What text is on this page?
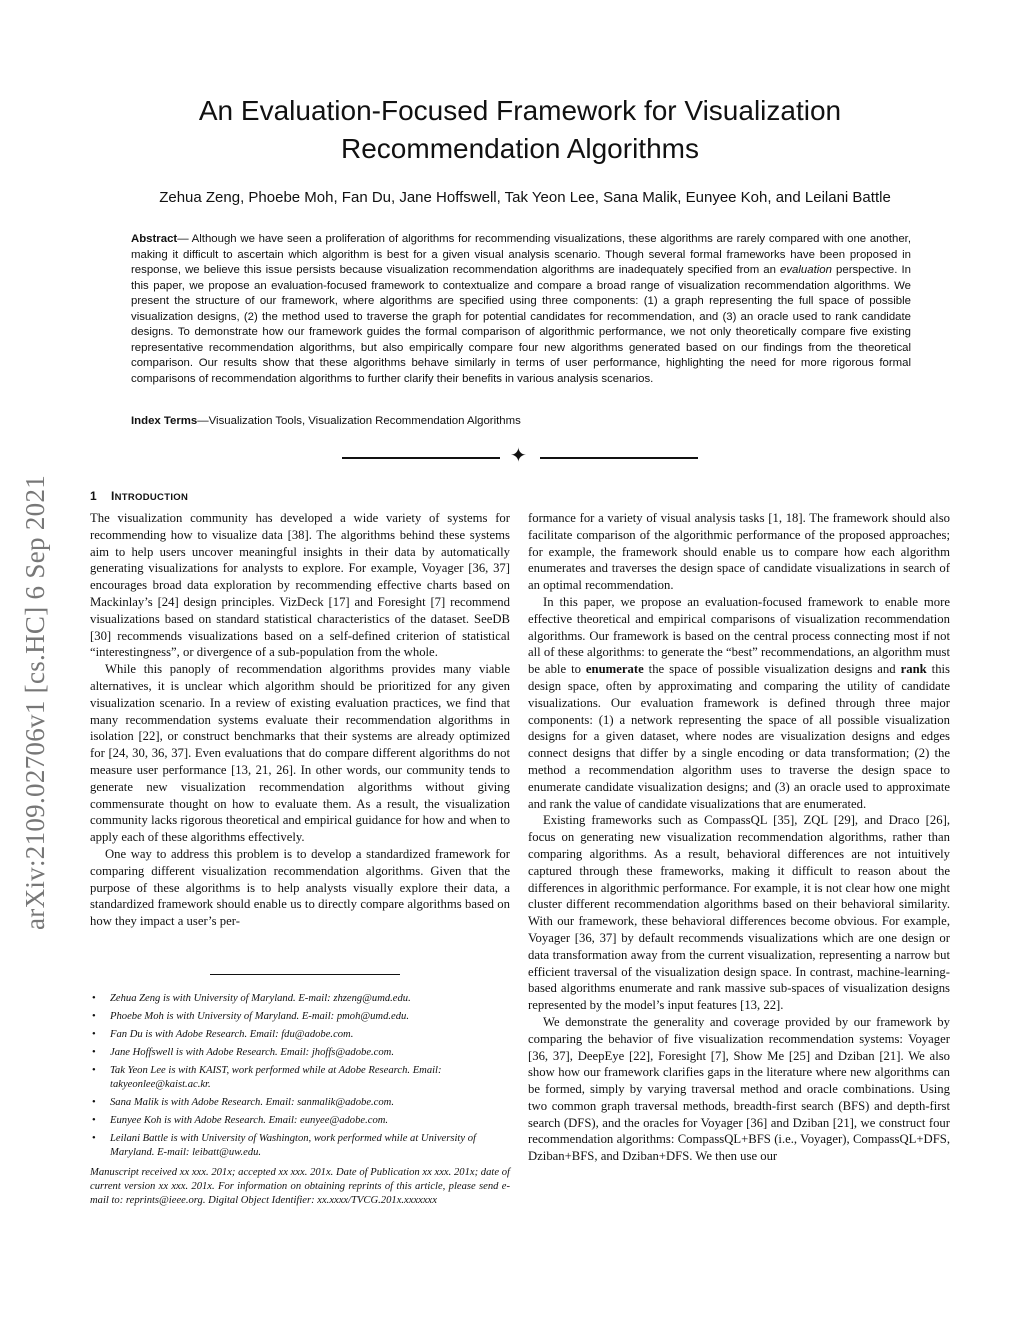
arXiv:2109.02706v1 [cs.HC] 6 Sep 2021
An Evaluation-Focused Framework for Visualization
Recommendation Algorithms
Zehua Zeng, Phoebe Moh, Fan Du, Jane Hoffswell, Tak Yeon Lee, Sana Malik, Eunyee Koh, and Leilani Battle
Abstract— Although we have seen a proliferation of algorithms for recommending visualizations, these algorithms are rarely compared with one another, making it difficult to ascertain which algorithm is best for a given visual analysis scenario. Though several formal frameworks have been proposed in response, we believe this issue persists because visualization recommendation algorithms are inadequately specified from an evaluation perspective. In this paper, we propose an evaluation-focused framework to contextualize and compare a broad range of visualization recommendation algorithms. We present the structure of our framework, where algorithms are specified using three components: (1) a graph representing the full space of possible visualization designs, (2) the method used to traverse the graph for potential candidates for recommendation, and (3) an oracle used to rank candidate designs. To demonstrate how our framework guides the formal comparison of algorithmic performance, we not only theoretically compare five existing representative recommendation algorithms, but also empirically compare four new algorithms generated based on our findings from the theoretical comparison. Our results show that these algorithms behave similarly in terms of user performance, highlighting the need for more rigorous formal comparisons of recommendation algorithms to further clarify their benefits in various analysis scenarios.
Index Terms—Visualization Tools, Visualization Recommendation Algorithms
✦
1 INTRODUCTION

The visualization community has developed a wide variety of systems for recommending how to visualize data [38]. The algorithms behind these systems aim to help users uncover meaningful insights in their data by automatically generating visualizations for analysts to explore. For example, Voyager [36, 37] encourages broad data exploration by recommending effective charts based on Mackinlay’s [24] design principles. VizDeck [17] and Foresight [7] recommend visualizations based on standard statistical characteristics of the dataset. SeeDB [30] recommends visualizations based on a self-defined criterion of statistical “interestingness”, or divergence of a sub-population from the whole.

While this panoply of recommendation algorithms provides many viable alternatives, it is unclear which algorithm should be prioritized for any given visualization scenario. In a review of existing evaluation practices, we find that many recommendation systems evaluate their recommendation algorithms in isolation [22], or construct benchmarks that their systems are already optimized for [24, 30, 36, 37]. Even evaluations that do compare different algorithms do not measure user performance [13, 21, 26]. In other words, our community tends to generate new visualization recommendation algorithms without giving commensurate thought on how to evaluate them. As a result, the visualization community lacks rigorous theoretical and empirical guidance for how and when to apply each of these algorithms effectively.

One way to address this problem is to develop a standardized framework for comparing different visualization recommendation algorithms. Given that the purpose of these algorithms is to help analysts visually explore their data, a standardized framework should enable us to directly compare algorithms based on how they impact a user’s per-

• Zehua Zeng is with University of Maryland. E-mail: zhzeng@umd.edu.
• Phoebe Moh is with University of Maryland. E-mail: pmoh@umd.edu.
• Fan Du is with Adobe Research. Email: fdu@adobe.com.
• Jane Hoffswell is with Adobe Research. Email: jhoffs@adobe.com.
• Tak Yeon Lee is with KAIST, work performed while at Adobe Research. Email: takyeonlee@kaist.ac.kr.
• Sana Malik is with Adobe Research. Email: sanmalik@adobe.com.
• Eunyee Koh is with Adobe Research. Email: eunyee@adobe.com.
• Leilani Battle is with University of Washington, work performed while at University of Maryland. E-mail: leibatt@uw.edu.
Manuscript received xx xxx. 201x; accepted xx xxx. 201x. Date of Publication xx xxx. 201x; date of current version xx xxx. 201x. For information on obtaining reprints of this article, please send e-mail to: reprints@ieee.org. Digital Object Identifier: xx.xxxx/TVCG.201x.xxxxxxx

formance for a variety of visual analysis tasks [1, 18]. The framework should also facilitate comparison of the algorithmic performance of the proposed approaches; for example, the framework should enable us to compare how each algorithm enumerates and traverses the design space of candidate visualizations in search of an optimal recommendation.

In this paper, we propose an evaluation-focused framework to enable more effective theoretical and empirical comparisons of visualization recommendation algorithms. Our framework is based on the central process connecting most if not all of these algorithms: to generate the “best” recommendations, an algorithm must be able to enumerate the space of possible visualization designs and rank this design space, often by approximating and comparing the utility of candidate visualizations. Our evaluation framework is defined through three major components: (1) a network representing the space of all possible visualization designs for a given dataset, where nodes are visualization designs and edges connect designs that differ by a single encoding or data transformation; (2) the method a recommendation algorithm uses to traverse the design space to enumerate candidate visualization designs; and (3) an oracle used to approximate and rank the value of candidate visualizations that are enumerated.

Existing frameworks such as CompassQL [35], ZQL [29], and Draco [26], focus on generating new visualization recommendation algorithms, rather than comparing algorithms. As a result, behavioral differences are not intuitively captured through these frameworks, making it difficult to reason about the differences in algorithmic performance. For example, it is not clear how one might cluster different recommendation algorithms based on their behavioral similarity. With our framework, these behavioral differences become obvious. For example, Voyager [36, 37] by default recommends visualizations which are one design or data transformation away from the current visualization, representing a narrow but efficient traversal of the visualization design space. In contrast, machine-learning-based algorithms enumerate and rank massive sub-spaces of visualization designs represented by the model’s input features [13, 22].

We demonstrate the generality and coverage provided by our framework by comparing the behavior of five visualization recommendation systems: Voyager [36, 37], DeepEye [22], Foresight [7], Show Me [25] and Dziban [21]. We also show how our framework clarifies gaps in the literature where new algorithms can be formed, simply by varying traversal method and oracle combinations. Using two common graph traversal methods, breadth-first search (BFS) and depth-first search (DFS), and the oracles for Voyager [36] and Dziban [21], we construct four recommendation algorithms: CompassQL+BFS (i.e., Voyager), CompassQL+DFS, Dziban+BFS, and Dziban+DFS. We then use our
